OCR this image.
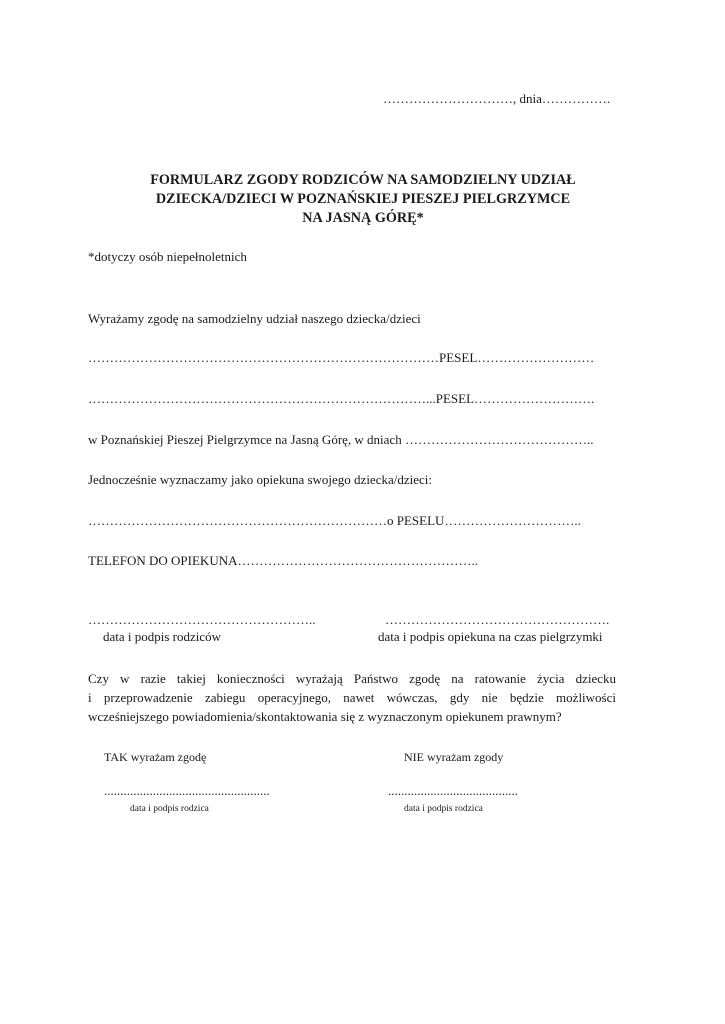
…………………………, dnia…………….
FORMULARZ ZGODY RODZICÓW NA SAMODZIELNY UDZIAŁ
DZIECKA/DZIECI W POZNAŃSKIEJ PIESZEJ PIELGRZYMCE
NA JASNĄ GÓRĘ*
*dotyczy osób niepełnoletnich
Wyrażamy zgodę na samodzielny udział naszego dziecka/dzieci
………………………………………………………………………PESEL………………………
……………………………………………………………………...PESEL……………………….
w Poznańskiej Pieszej Pielgrzymce na Jasną Górę, w dniach ……………………………………..
Jednocześnie wyznaczamy jako opiekuna swojego dziecka/dzieci:
……………………………………………………………o PESELU…………………………..
TELEFON DO OPIEKUNA………………………………………………..
……………………………………………..
data i podpis rodziców
…………………………………………….
data i podpis opiekuna na czas pielgrzymki
Czy w razie takiej konieczności wyrażają Państwo zgodę na ratowanie życia dziecku
i przeprowadzenie zabiegu operacyjnego, nawet wówczas, gdy nie będzie możliwości
wcześniejszego powiadomienia/skontaktowania się z wyznaczonym opiekunem prawnym?
TAK wyrażam zgodę	NIE wyrażam zgody
...................................................	........................................
data i podpis rodzica	data i podpis rodzica
